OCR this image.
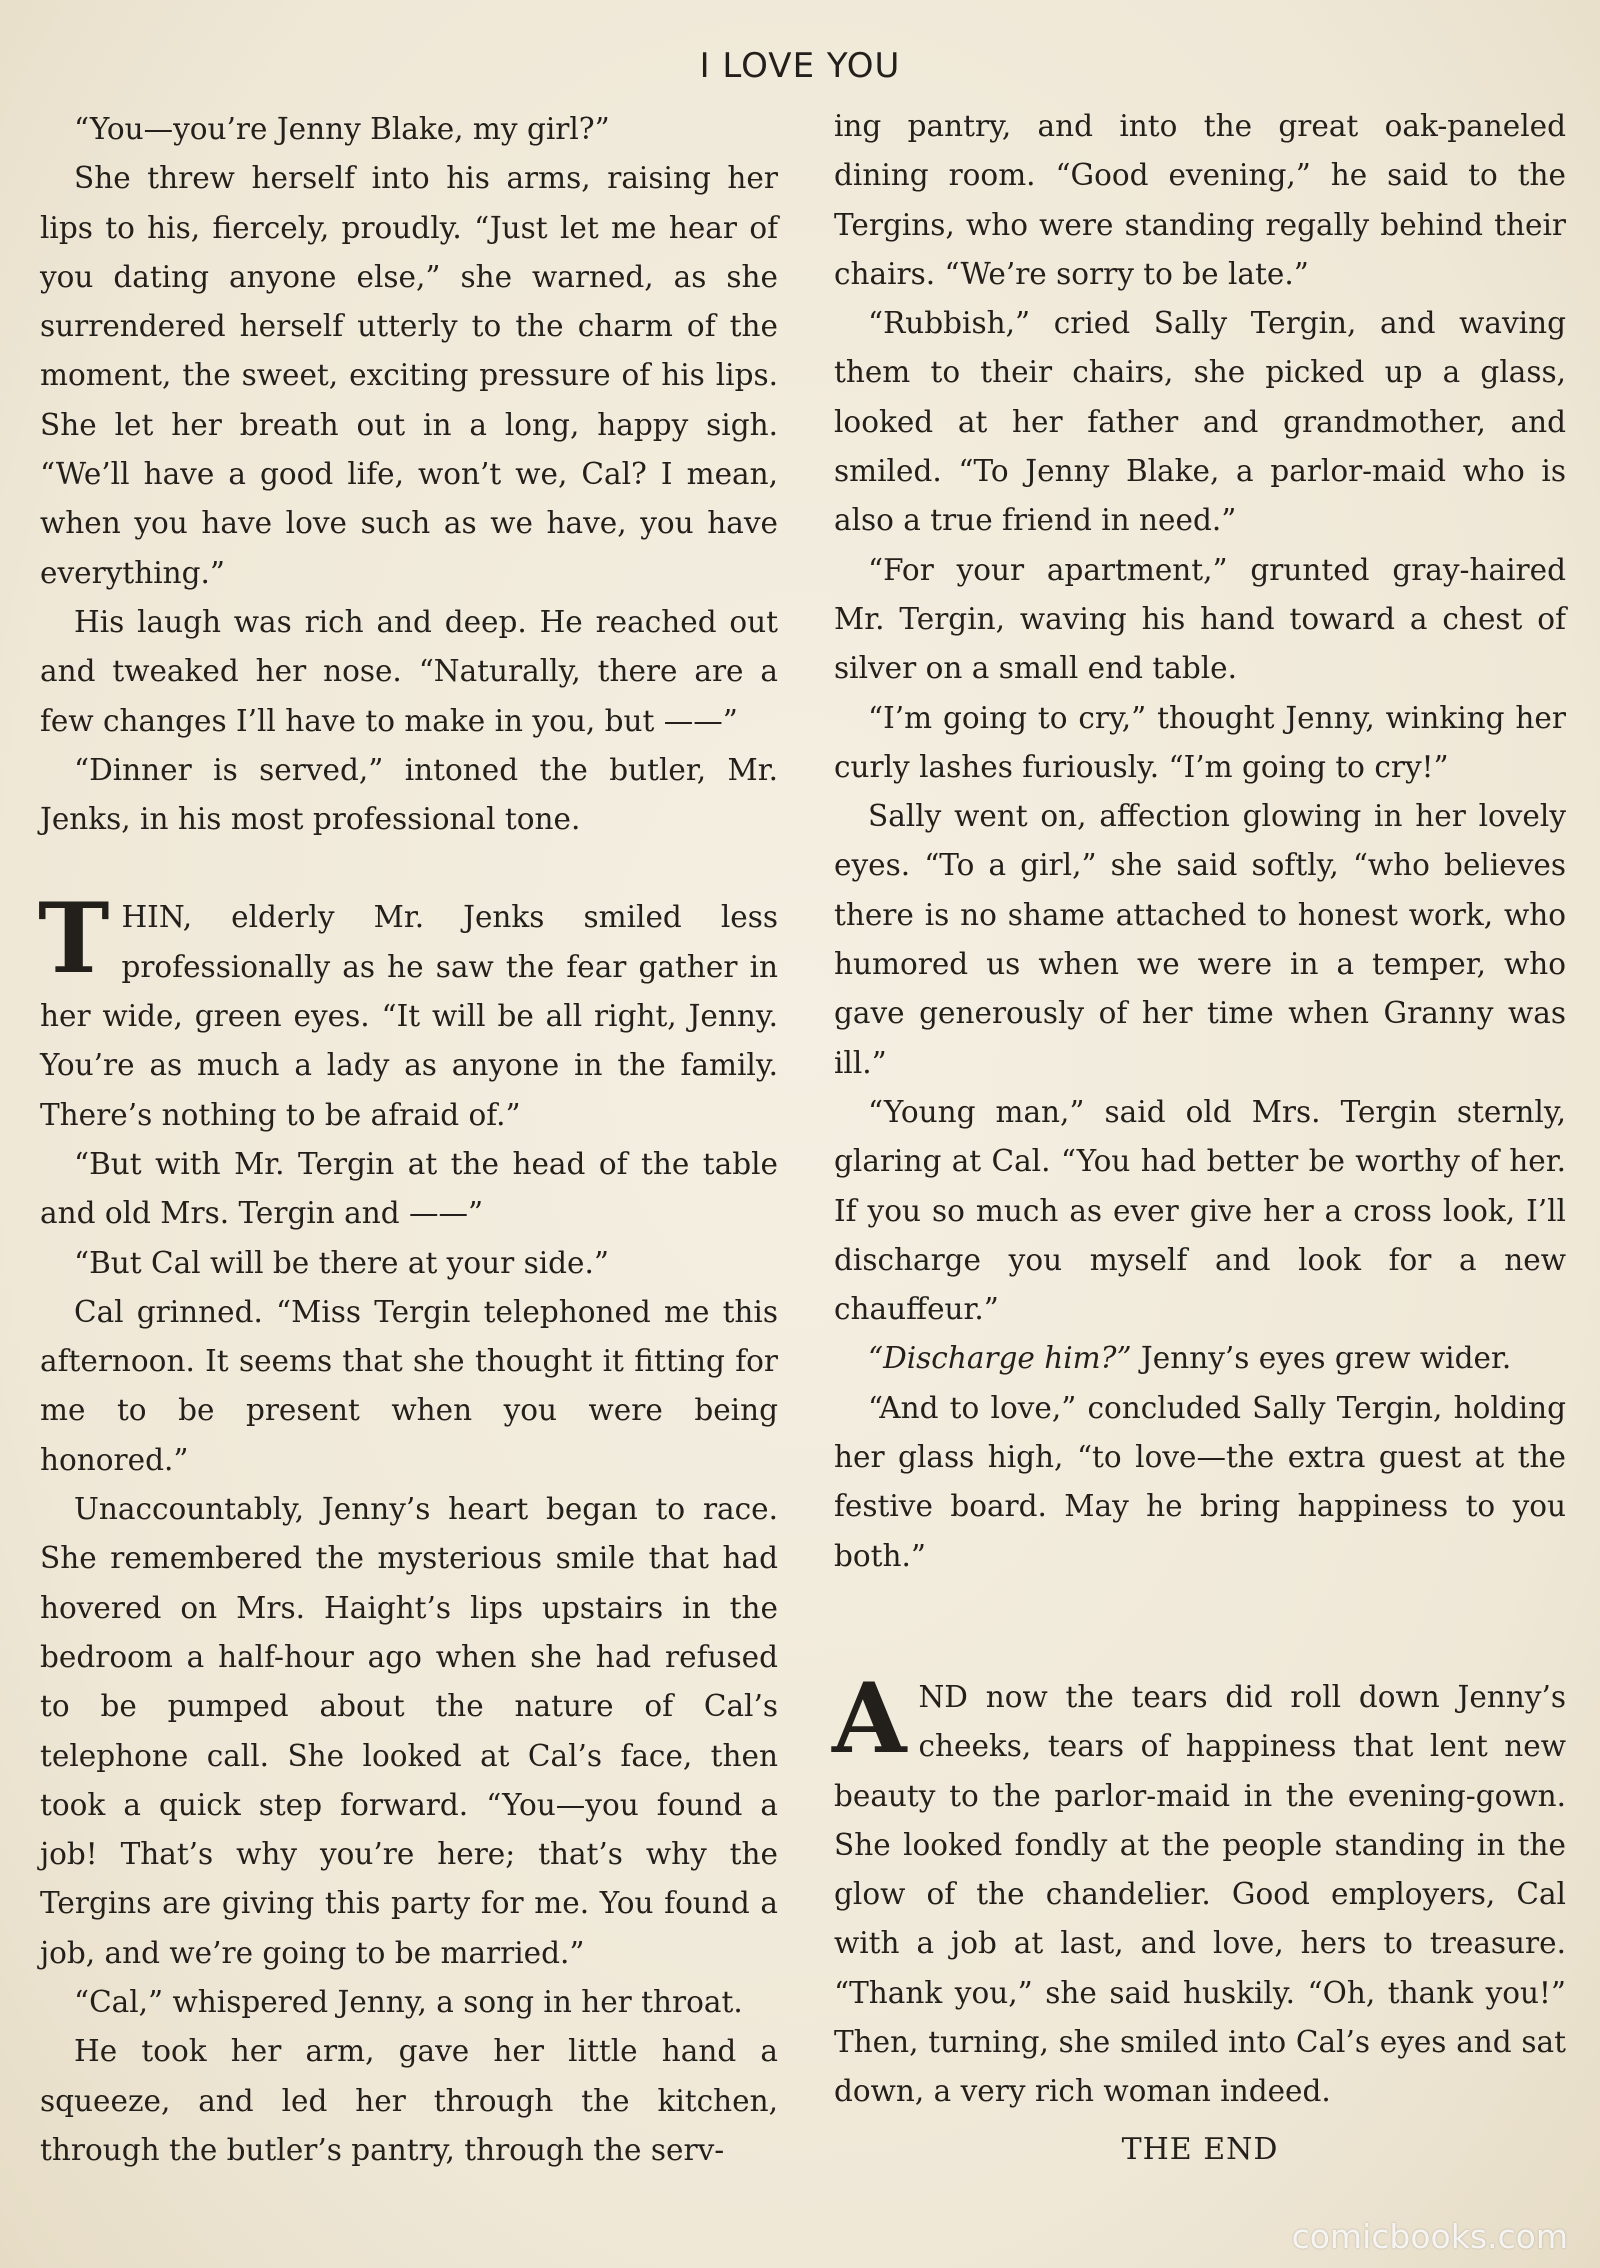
I LOVE YOU

“You—you’re Jenny Blake, my girl?”

She threw herself into his arms, raising her lips to his, fiercely, proudly. “Just let me hear of you dating anyone else,” she warned, as she surrendered herself utterly to the charm of the moment, the sweet, exciting pressure of his lips. She let her breath out in a long, happy sigh. “We’ll have a good life, won’t we, Cal? I mean, when you have love such as we have, you have everything.”

His laugh was rich and deep. He reached out and tweaked her nose. “Naturally, there are a few changes I’ll have to make in you, but ——”

“Dinner is served,” intoned the butler, Mr. Jenks, in his most professional tone.

T HIN, elderly Mr. Jenks smiled less professionally as he saw the fear gather in her wide, green eyes. “It will be all right, Jenny. You’re as much a lady as anyone in the family. There’s nothing to be afraid of.”

“But with Mr. Tergin at the head of the table and old Mrs. Tergin and ——”

“But Cal will be there at your side.”

Cal grinned. “Miss Tergin telephoned me this afternoon. It seems that she thought it fitting for me to be present when you were being honored.”

Unaccountably, Jenny’s heart began to race. She remembered the mysterious smile that had hovered on Mrs. Haight’s lips upstairs in the bedroom a half-hour ago when she had refused to be pumped about the nature of Cal’s telephone call. She looked at Cal’s face, then took a quick step forward. “You—you found a job! That’s why you’re here; that’s why the Tergins are giving this party for me. You found a job, and we’re going to be married.”

“Cal,” whispered Jenny, a song in her throat.

He took her arm, gave her little hand a squeeze, and led her through the kitchen, through the butler’s pantry, through the serv-

ing pantry, and into the great oak-paneled dining room. “Good evening,” he said to the Tergins, who were standing regally behind their chairs. “We’re sorry to be late.”

“Rubbish,” cried Sally Tergin, and waving them to their chairs, she picked up a glass, looked at her father and grandmother, and smiled. “To Jenny Blake, a parlor-maid who is also a true friend in need.”

“For your apartment,” grunted gray-haired Mr. Tergin, waving his hand toward a chest of silver on a small end table.

“I’m going to cry,” thought Jenny, winking her curly lashes furiously. “I’m going to cry!”

Sally went on, affection glowing in her lovely eyes. “To a girl,” she said softly, “who believes there is no shame attached to honest work, who humored us when we were in a temper, who gave generously of her time when Granny was ill.”

“Young man,” said old Mrs. Tergin sternly, glaring at Cal. “You had better be worthy of her. If you so much as ever give her a cross look, I’ll discharge you myself and look for a new chauffeur.”

“Discharge him?” Jenny’s eyes grew wider.

“And to love,” concluded Sally Tergin, holding her glass high, “to love—the extra guest at the festive board. May he bring happiness to you both.”

A ND now the tears did roll down Jenny’s cheeks, tears of happiness that lent new beauty to the parlor-maid in the evening-gown. She looked fondly at the people standing in the glow of the chandelier. Good employers, Cal with a job at last, and love, hers to treasure. “Thank you,” she said huskily. “Oh, thank you!” Then, turning, she smiled into Cal’s eyes and sat down, a very rich woman indeed.

THE END
comicbooks.com
